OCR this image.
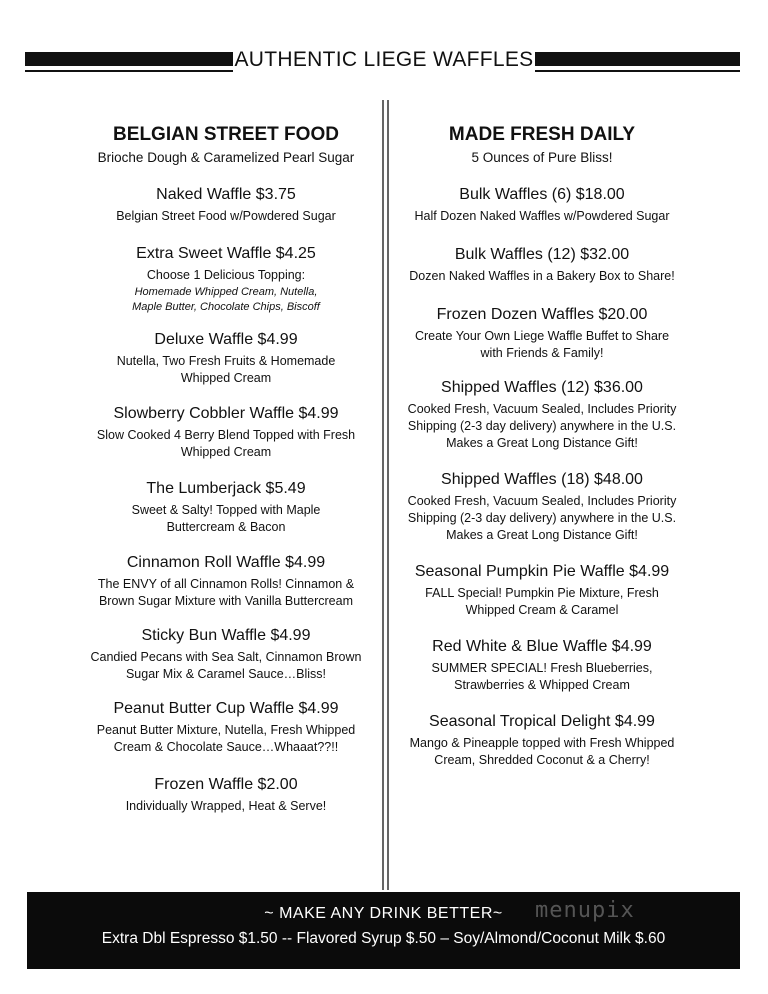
AUTHENTIC LIEGE WAFFLES
BELGIAN STREET FOOD
Brioche Dough & Caramelized Pearl Sugar
Naked Waffle $3.75
Belgian Street Food w/Powdered Sugar
Extra Sweet Waffle $4.25
Choose 1 Delicious Topping:
Homemade Whipped Cream, Nutella,
Maple Butter, Chocolate Chips, Biscoff
Deluxe Waffle $4.99
Nutella, Two Fresh Fruits & Homemade
Whipped Cream
Slowberry Cobbler Waffle $4.99
Slow Cooked 4 Berry Blend Topped with Fresh
Whipped Cream
The Lumberjack $5.49
Sweet & Salty! Topped with Maple
Buttercream & Bacon
Cinnamon Roll Waffle $4.99
The ENVY of all Cinnamon Rolls! Cinnamon &
Brown Sugar Mixture with Vanilla Buttercream
Sticky Bun Waffle $4.99
Candied Pecans with Sea Salt, Cinnamon Brown
Sugar Mix & Caramel Sauce…Bliss!
Peanut Butter Cup Waffle $4.99
Peanut Butter Mixture, Nutella, Fresh Whipped
Cream & Chocolate Sauce…Whaaat??!!
Frozen Waffle $2.00
Individually Wrapped, Heat & Serve!
MADE FRESH DAILY
5 Ounces of Pure Bliss!
Bulk Waffles (6) $18.00
Half Dozen Naked Waffles w/Powdered Sugar
Bulk Waffles (12) $32.00
Dozen Naked Waffles in a Bakery Box to Share!
Frozen Dozen Waffles $20.00
Create Your Own Liege Waffle Buffet to Share
with Friends & Family!
Shipped Waffles (12) $36.00
Cooked Fresh, Vacuum Sealed, Includes Priority
Shipping (2-3 day delivery) anywhere in the U.S.
Makes a Great Long Distance Gift!
Shipped Waffles (18) $48.00
Cooked Fresh, Vacuum Sealed, Includes Priority
Shipping (2-3 day delivery) anywhere in the U.S.
Makes a Great Long Distance Gift!
Seasonal Pumpkin Pie Waffle $4.99
FALL Special! Pumpkin Pie Mixture, Fresh
Whipped Cream & Caramel
Red White & Blue Waffle $4.99
SUMMER SPECIAL! Fresh Blueberries,
Strawberries & Whipped Cream
Seasonal Tropical Delight $4.99
Mango & Pineapple topped with Fresh Whipped
Cream, Shredded Coconut & a Cherry!
~ MAKE ANY DRINK BETTER~	menupix
Extra Dbl Espresso $1.50 -- Flavored Syrup $.50 – Soy/Almond/Coconut Milk $.60
